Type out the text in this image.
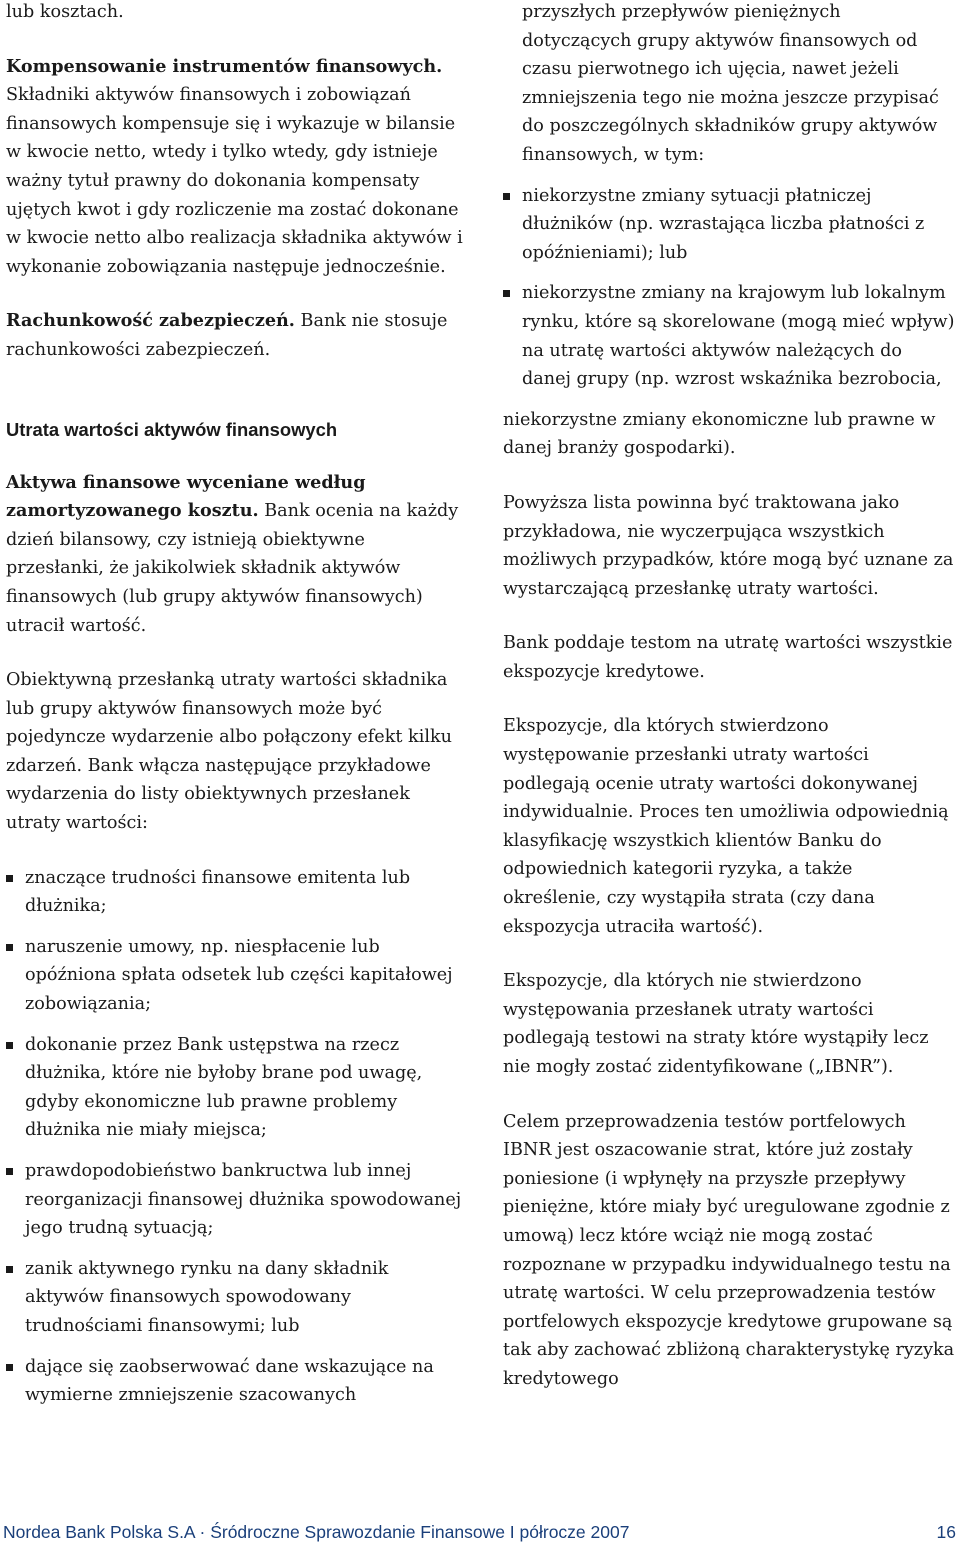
lub kosztach.

Kompensowanie instrumentów finansowych. Składniki aktywów finansowych i zobowiązań finansowych kompensuje się i wykazuje w bilansie w kwocie netto, wtedy i tylko wtedy, gdy istnieje ważny tytuł prawny do dokonania kompensaty ujętych kwot i gdy rozliczenie ma zostać dokonane w kwocie netto albo realizacja składnika aktywów i wykonanie zobowiązania następuje jednocześnie.

Rachunkowość zabezpieczeń. Bank nie stosuje rachunkowości zabezpieczeń.

Utrata wartości aktywów finansowych

Aktywa finansowe wyceniane według zamortyzowanego kosztu. Bank ocenia na każdy dzień bilansowy, czy istnieją obiektywne przesłanki, że jakikolwiek składnik aktywów finansowych (lub grupy aktywów finansowych) utracił wartość.

Obiektywną przesłanką utraty wartości składnika lub grupy aktywów finansowych może być pojedyncze wydarzenie albo połączony efekt kilku zdarzeń. Bank włącza następujące przykładowe wydarzenia do listy obiektywnych przesłanek utraty wartości:

znaczące trudności finansowe emitenta lub dłużnika;
naruszenie umowy, np. niespłacenie lub opóźniona spłata odsetek lub części kapitałowej zobowiązania;
dokonanie przez Bank ustępstwa na rzecz dłużnika, które nie byłoby brane pod uwagę, gdyby ekonomiczne lub prawne problemy dłużnika nie miały miejsca;
prawdopodobieństwo bankructwa lub innej reorganizacji finansowej dłużnika spowodowanej jego trudną sytuacją;
zanik aktywnego rynku na dany składnik aktywów finansowych spowodowany trudnościami finansowymi; lub
dające się zaobserwować dane wskazujące na wymierne zmniejszenie szacowanych

przyszłych przepływów pieniężnych dotyczących grupy aktywów finansowych od czasu pierwotnego ich ujęcia, nawet jeżeli zmniejszenia tego nie można jeszcze przypisać do poszczególnych składników grupy aktywów finansowych, w tym:

niekorzystne zmiany sytuacji płatniczej dłużników (np. wzrastająca liczba płatności z opóźnieniami); lub
niekorzystne zmiany na krajowym lub lokalnym rynku, które są skorelowane (mogą mieć wpływ) na utratę wartości aktywów należących do danej grupy (np. wzrost wskaźnika bezrobocia,

niekorzystne zmiany ekonomiczne lub prawne w danej branży gospodarki).

Powyższa lista powinna być traktowana jako przykładowa, nie wyczerpująca wszystkich możliwych przypadków, które mogą być uznane za wystarczającą przesłankę utraty wartości.

Bank poddaje testom na utratę wartości wszystkie ekspozycje kredytowe.

Ekspozycje, dla których stwierdzono występowanie przesłanki utraty wartości podlegają ocenie utraty wartości dokonywanej indywidualnie. Proces ten umożliwia odpowiednią klasyfikację wszystkich klientów Banku do odpowiednich kategorii ryzyka, a także określenie, czy wystąpiła strata (czy dana ekspozycja utraciła wartość).

Ekspozycje, dla których nie stwierdzono występowania przesłanek utraty wartości podlegają testowi na straty które wystąpiły lecz nie mogły zostać zidentyfikowane („IBNR”).

Celem przeprowadzenia testów portfelowych IBNR jest oszacowanie strat, które już zostały poniesione (i wpłynęły na przyszłe przepływy pieniężne, które miały być uregulowane zgodnie z umową) lecz które wciąż nie mogą zostać rozpoznane w przypadku indywidualnego testu na utratę wartości. W celu przeprowadzenia testów portfelowych ekspozycje kredytowe grupowane są tak aby zachować zbliżoną charakterystykę ryzyka kredytowego

Nordea Bank Polska S.A · Śródroczne Sprawozdanie Finansowe I półrocze 2007	16
